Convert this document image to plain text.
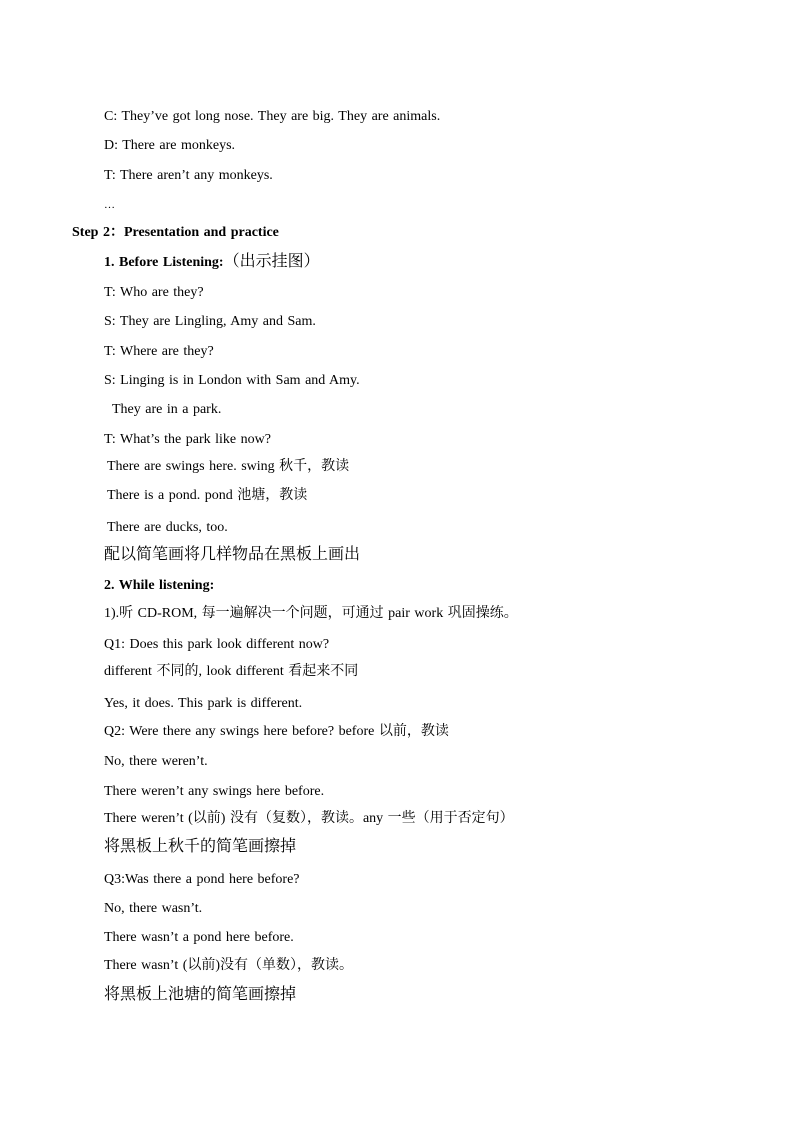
C: They’ve got long nose. They are big. They are animals.
D: There are monkeys.
T: There aren’t any monkeys.
…
Step 2：Presentation and practice
1. Before Listening:（出示挂图）
T: Who are they?
S: They are Lingling, Amy and Sam.
T: Where are they?
S: Linging is in London with Sam and Amy.
They are in a park.
T: What’s the park like now?
There are swings here. swing 秋千，教读
There is a pond. pond 池塘，教读
There are ducks, too.
配以简笔画将几样物品在黑板上画出
2. While listening:
1).听 CD-ROM, 每一遍解决一个问题，可通过 pair work 巩固操练。
Q1: Does this park look different now?
different 不同的, look different 看起来不同
Yes, it does. This park is different.
Q2: Were there any swings here before? before 以前，教读
No, there weren’t.
There weren’t any swings here before.
There weren’t (以前) 没有（复数），教读。any 一些（用于否定句）
将黑板上秋千的简笔画擦掉
Q3:Was there a pond here before?
No, there wasn’t.
There wasn’t a pond here before.
There wasn’t (以前)没有（单数），教读。
将黑板上池塘的简笔画擦掉
